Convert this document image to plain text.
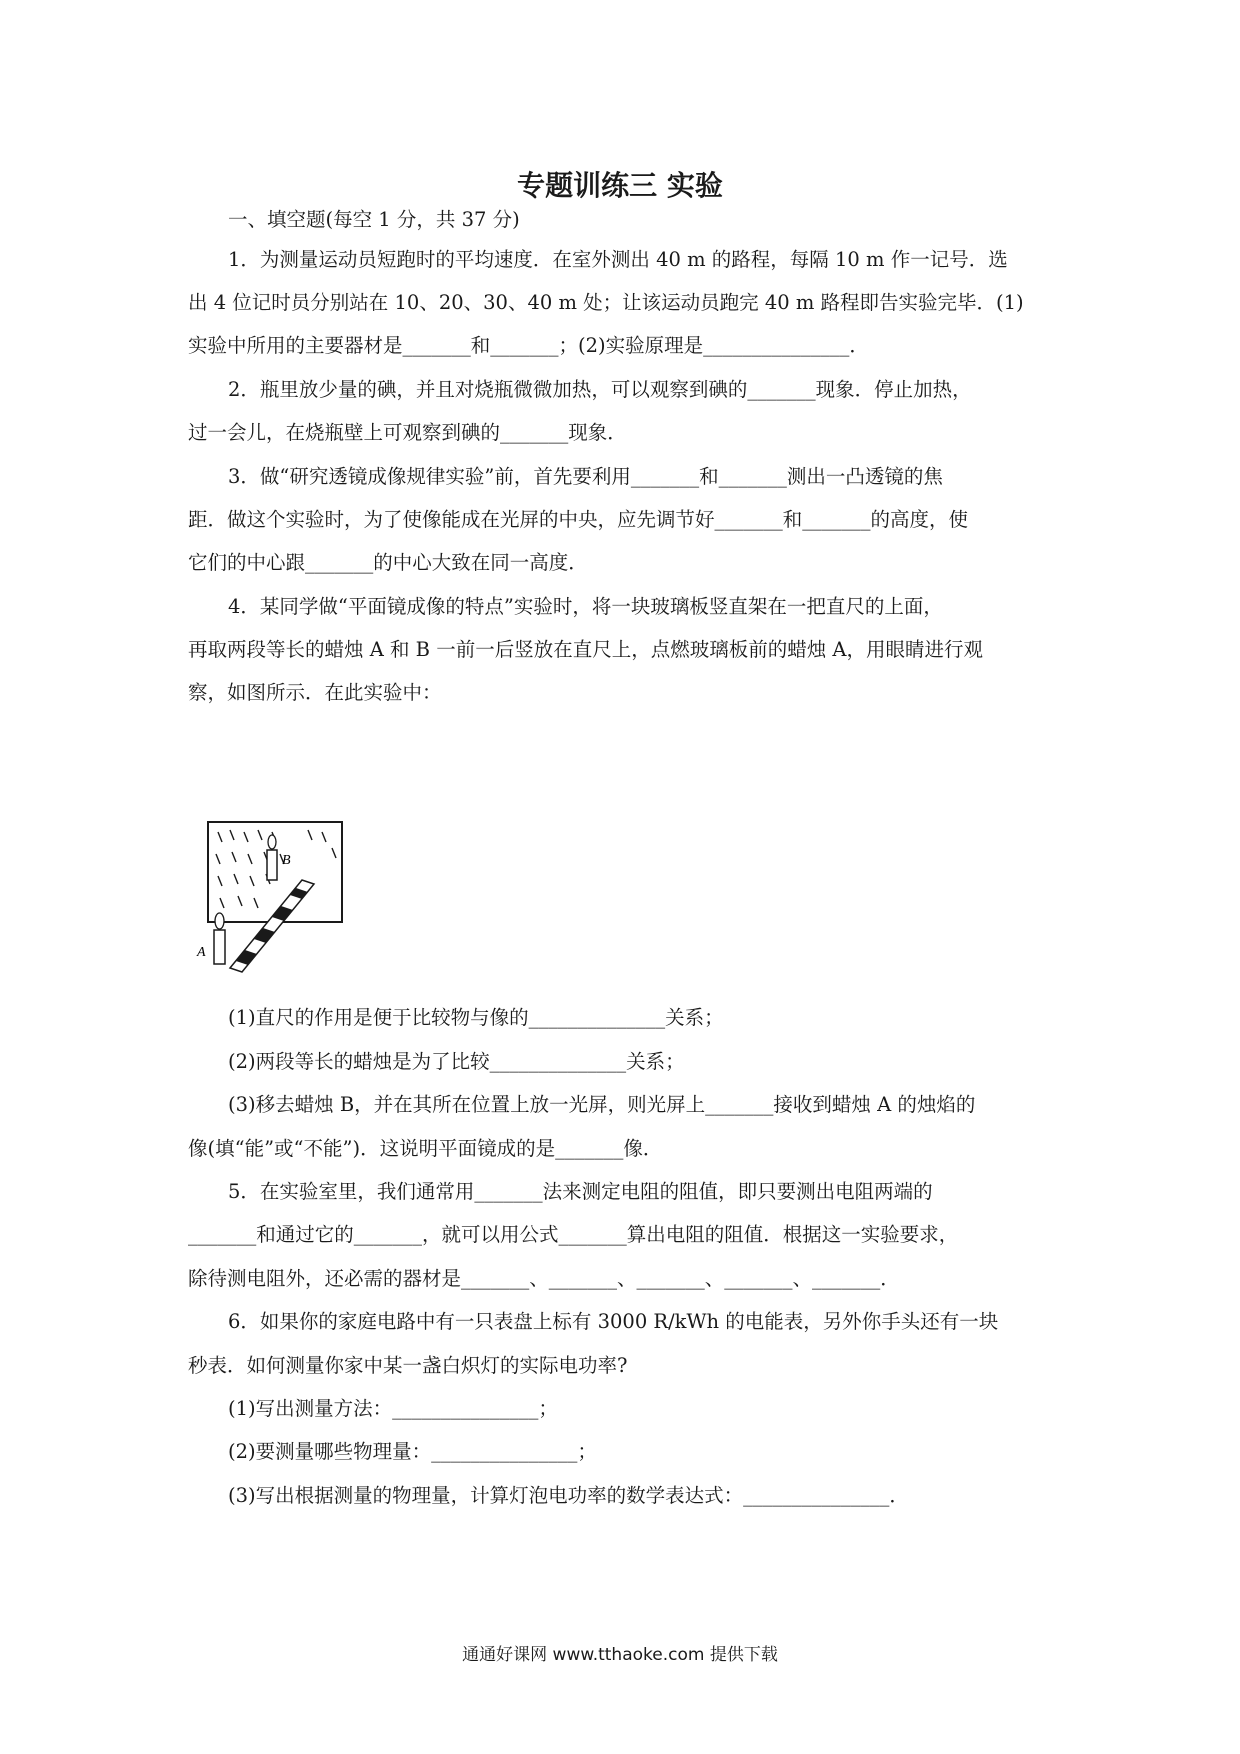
专题训练三 实验
一、填空题(每空 1 分，共 37 分)
1．为测量运动员短跑时的平均速度．在室外测出 40 m 的路程，每隔 10 m 作一记号．选
出 4 位记时员分别站在 10、20、30、40 m 处；让该运动员跑完 40 m 路程即告实验完毕．(1)
实验中所用的主要器材是_______和_______；(2)实验原理是_______________．
2．瓶里放少量的碘，并且对烧瓶微微加热，可以观察到碘的_______现象．停止加热，
过一会儿，在烧瓶壁上可观察到碘的_______现象．
3．做“研究透镜成像规律实验”前，首先要利用_______和_______测出一凸透镜的焦
距．做这个实验时，为了使像能成在光屏的中央，应先调节好_______和_______的高度，使
它们的中心跟_______的中心大致在同一高度．
4．某同学做“平面镜成像的特点”实验时，将一块玻璃板竖直架在一把直尺的上面，
再取两段等长的蜡烛 A 和 B 一前一后竖放在直尺上，点燃玻璃板前的蜡烛 A，用眼睛进行观
察，如图所示．在此实验中：
B
A
(1)直尺的作用是便于比较物与像的______________关系；
(2)两段等长的蜡烛是为了比较______________关系；
(3)移去蜡烛 B，并在其所在位置上放一光屏，则光屏上_______接收到蜡烛 A 的烛焰的
像(填“能”或“不能”)．这说明平面镜成的是_______像．
5．在实验室里，我们通常用_______法来测定电阻的阻值，即只要测出电阻两端的
_______和通过它的_______，就可以用公式_______算出电阻的阻值．根据这一实验要求，
除待测电阻外，还必需的器材是_______、_______、_______、_______、_______．
6．如果你的家庭电路中有一只表盘上标有 3000 R/kWh 的电能表，另外你手头还有一块
秒表．如何测量你家中某一盏白炽灯的实际电功率?
(1)写出测量方法：_______________；
(2)要测量哪些物理量：_______________；
(3)写出根据测量的物理量，计算灯泡电功率的数学表达式：_______________．
通通好课网 www.tthaoke.com 提供下载
